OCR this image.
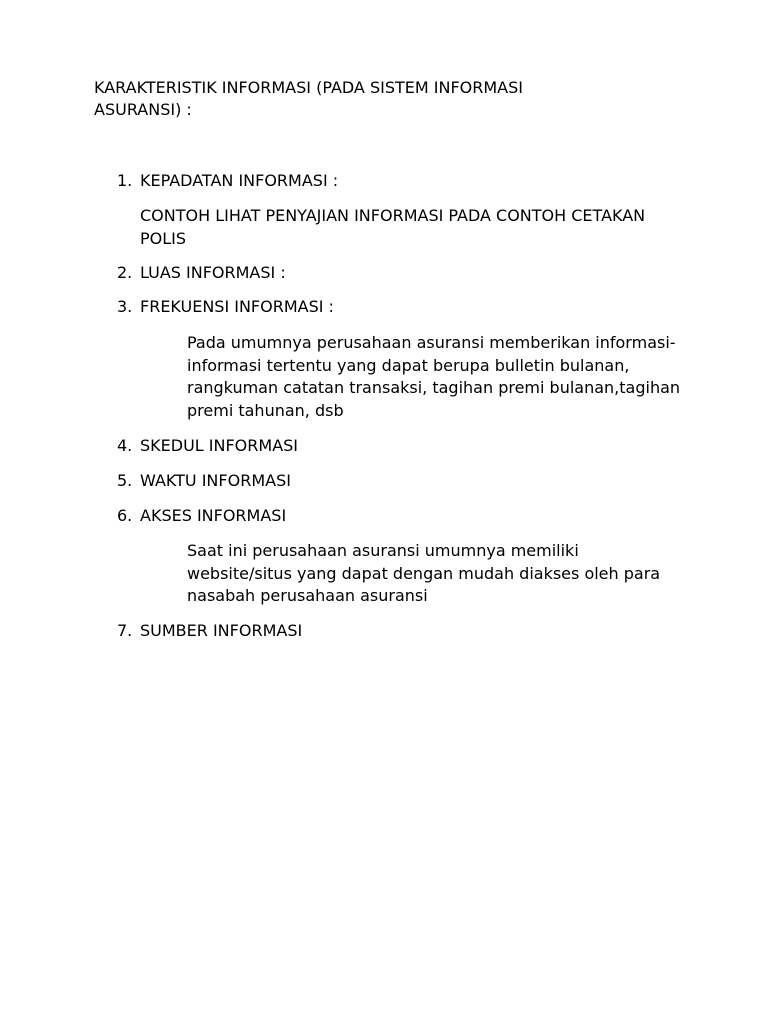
KARAKTERISTIK INFORMASI (PADA SISTEM INFORMASI ASURANSI) :

1. KEPADATAN INFORMASI :

CONTOH LIHAT PENYAJIAN INFORMASI PADA CONTOH CETAKAN POLIS

2. LUAS INFORMASI :
3. FREKUENSI INFORMASI :

Pada umumnya perusahaan asuransi memberikan informasi-informasi tertentu yang dapat berupa bulletin bulanan, rangkuman catatan transaksi, tagihan premi bulanan,tagihan premi tahunan, dsb

4. SKEDUL INFORMASI
5. WAKTU INFORMASI
6. AKSES INFORMASI

Saat ini perusahaan asuransi umumnya memiliki website/situs yang dapat dengan mudah diakses oleh para nasabah perusahaan asuransi

7. SUMBER INFORMASI
